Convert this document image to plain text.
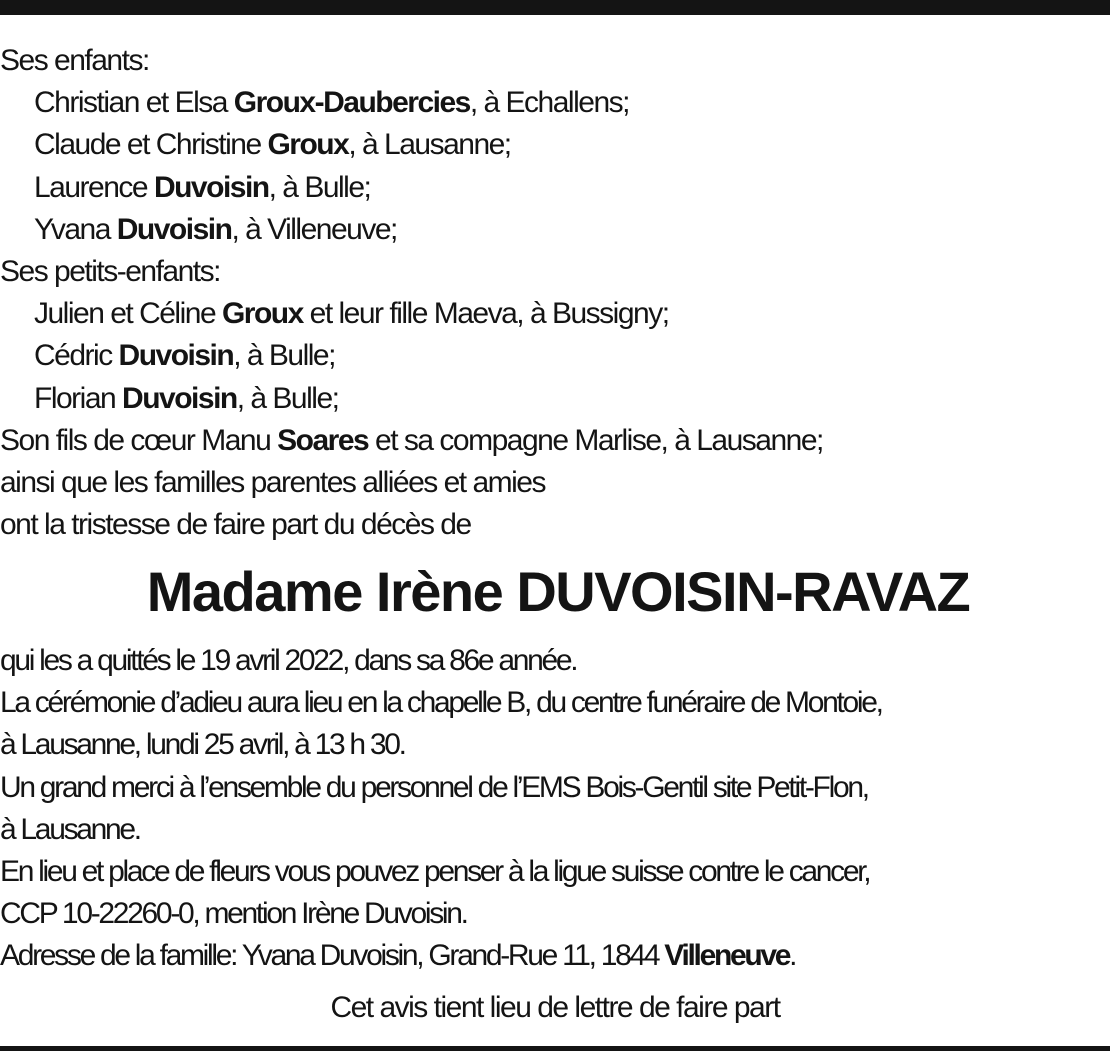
Ses enfants:
Christian et Elsa Groux-Daubercies, à Echallens;
Claude et Christine Groux, à Lausanne;
Laurence Duvoisin, à Bulle;
Yvana Duvoisin, à Villeneuve;
Ses petits-enfants:
Julien et Céline Groux et leur fille Maeva, à Bussigny;
Cédric Duvoisin, à Bulle;
Florian Duvoisin, à Bulle;
Son fils de cœur Manu Soares et sa compagne Marlise, à Lausanne;
ainsi que les familles parentes alliées et amies
ont la tristesse de faire part du décès de
Madame Irène DUVOISIN-RAVAZ
qui les a quittés le 19 avril 2022, dans sa 86e année.
La cérémonie d’adieu aura lieu en la chapelle B, du centre funéraire de Montoie,
à Lausanne, lundi 25 avril, à 13 h 30.
Un grand merci à l’ensemble du personnel de l’EMS Bois-Gentil site Petit-Flon,
à Lausanne.
En lieu et place de fleurs vous pouvez penser à la ligue suisse contre le cancer,
CCP 10-22260-0, mention Irène Duvoisin.
Adresse de la famille: Yvana Duvoisin, Grand-Rue 11, 1844 Villeneuve.
Cet avis tient lieu de lettre de faire part
